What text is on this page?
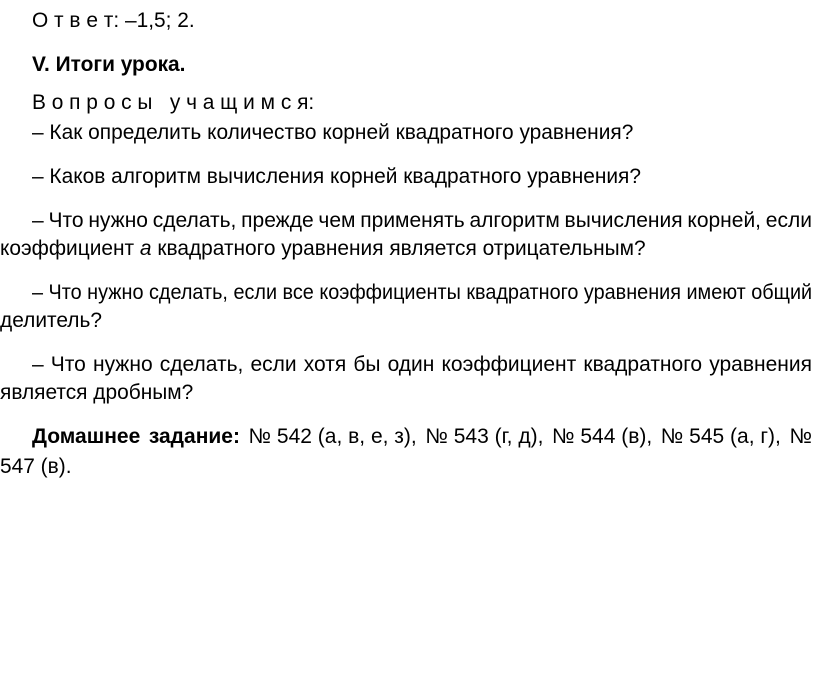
О т в е т: –1,5; 2.
V. Итоги урока.
В о п р о с ы   у ч а щ и м с я:
– Как определить количество корней квадратного уравнения?
– Каков алгоритм вычисления корней квадратного уравнения?
– Что нужно сделать, прежде чем применять алгоритм вычисления корней, если
коэффициент а квадратного уравнения является отрицательным?
– Что нужно сделать, если все коэффициенты квадратного уравнения имеют общий
делитель?
– Что нужно сделать, если хотя бы один коэффициент квадратного уравнения
является дробным?
Домашнее задание: № 542 (а, в, е, з), № 543 (г, д), № 544 (в), № 545 (а, г), №
547 (в).
